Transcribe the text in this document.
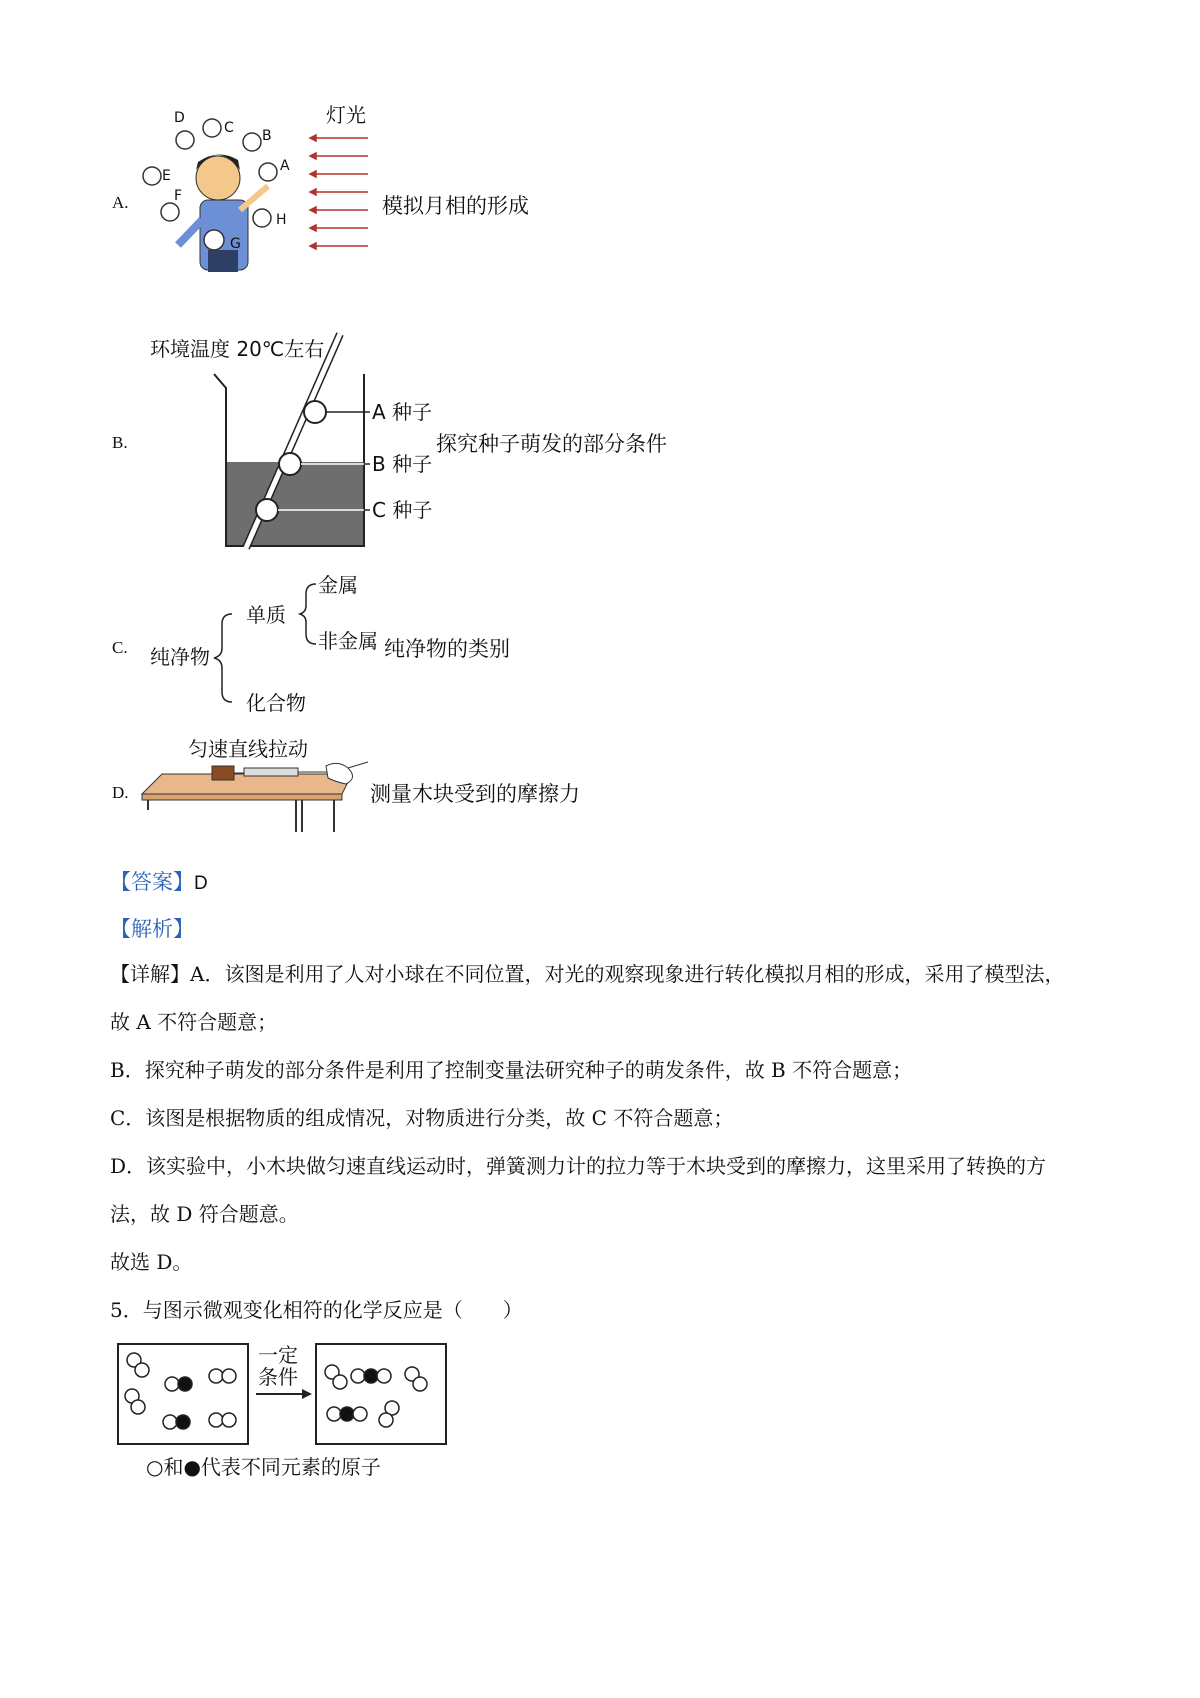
A.
D
C B
A
E
F
H
G
灯光
模拟月相的形成
B.
环境温度 20℃左右
A 种子
B 种子
C 种子
探究种子萌发的部分条件
C. 纯净物
单质
化合物
金属
非金属 纯净物的类别
D.
匀速直线拉动
测量木块受到的摩擦力
【答案】D
【解析】
【详解】A．该图是利用了人对小球在不同位置，对光的观察现象进行转化模拟月相的形成，采用了模型法，
故 A 不符合题意；
B．探究种子萌发的部分条件是利用了控制变量法研究种子的萌发条件，故 B 不符合题意；
C．该图是根据物质的组成情况，对物质进行分类，故 C 不符合题意；
D．该实验中，小木块做匀速直线运动时，弹簧测力计的拉力等于木块受到的摩擦力，这里采用了转换的方
法，故 D 符合题意。
故选 D。
5．与图示微观变化相符的化学反应是（　　）
一定
条件
○和●代表不同元素的原子
